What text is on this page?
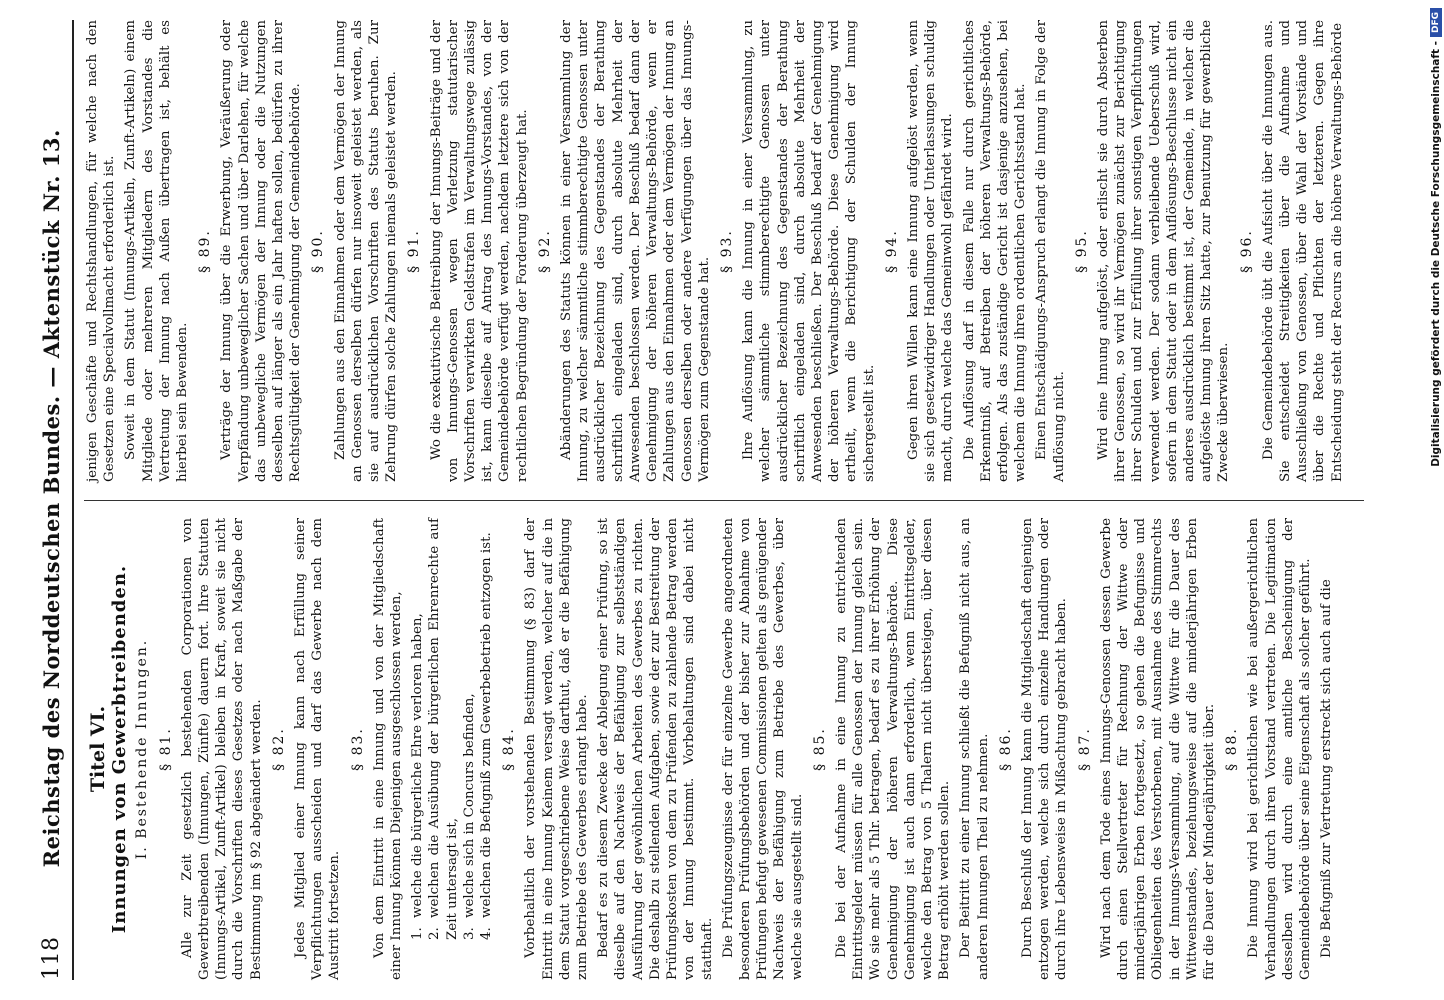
118
Reichstag des Norddeutschen Bundes. — Aktenstück Nr. 13. Titel VI. Innungen von Gewerbtreibenden. I. Bestehende Innungen. § 81. Alle zur Zeit gesetzlich bestehenden Corporationen von Gewerbtreibenden (Innungen, Zünfte) dauern fort. Ihre Statuten (Innungs-Artikel, Zunft-Artikel) bleiben in Kraft, soweit sie nicht durch die Vorschriften dieses Gesetzes oder nach Maßgabe der Bestimmung im § 92 abgeändert werden. § 82. Jedes Mitglied einer Innung kann nach Erfüllung seiner Verpflichtungen ausscheiden und darf das Gewerbe nach dem Austritt fortsetzen.

§ 83. Von dem Eintritt in eine Innung und von der Mitgliedschaft einer Innung können Diejenigen ausgeschlossen werden, 1.welche die bürgerliche Ehre verloren haben,
2.welchen die Ausübung der bürgerlichen Ehrenrechte auf Zeit untersagt ist, 3.welche sich in Concurs befinden,
4.welchen die Befugniß zum Gewerbebetrieb entzogen ist. § 84. Vorbehaltlich der vorstehenden Bestimmung (§ 83) darf der Eintritt in eine Innung Keinem versagt werden, welcher auf die in dem Statut vorgeschriebene Weise darthut, daß er die Befähigung zum Betriebe des Gewerbes erlangt habe. Bedarf es zu diesem Zwecke der Ablegung einer Prüfung, so ist dieselbe auf den Nachweis der Befähigung zur selbstständigen Ausführung der gewöhnlichen Arbeiten des Gewerbes zu richten. Die deshalb zu stellenden Aufgaben, sowie der zur Bestreitung der Prüfungskosten von dem zu Prüfenden zu zahlende Betrag werden von der Innung bestimmt. Vorbehaltungen sind dabei nicht statthaft. Die Prüfungszeugnisse der für einzelne Gewerbe angeordneten besonderen Prüfungsbehörden und der bisher zur Abnahme von Prüfungen befugt gewesenen Commissionen gelten als genügender Nachweis der Befähigung zum Betriebe des Gewerbes, über welche sie ausgestellt sind.

§ 85. Die bei der Aufnahme in eine Innung zu entrichtenden Eintrittsgelder müssen für alle Genossen der Innung gleich sein. Wo sie mehr als 5 Thlr. betragen, bedarf es zu ihrer Erhöhung der Genehmigung der höheren Verwaltungs-Behörde. Diese Genehmigung ist auch dann erforderlich, wenn Eintrittsgelder, welche den Betrag von 5 Thalern nicht übersteigen, über diesen Betrag erhöht werden sollen. Der Beitritt zu einer Innung schließt die Befugniß nicht aus, an anderen Innungen Theil zu nehmen. § 86. Durch Beschluß der Innung kann die Mitgliedschaft denjenigen entzogen werden, welche sich durch einzelne Handlungen oder durch ihre Lebensweise in Mißachtung gebracht haben. § 87. Wird nach dem Tode eines Innungs-Genossen dessen Gewerbe durch einen Stellvertreter für Rechnung der Wittwe oder minderjährigen Erben fortgesetzt, so gehen die Befugnisse und Obliegenheiten des Verstorbenen, mit Ausnahme des Stimmrechts in der Innungs-Versammlung, auf die Wittwe für die Dauer des Wittwenstandes, beziehungsweise auf die minderjährigen Erben für die Dauer der Minderjährigkeit über. § 88. Die Innung wird bei gerichtlichen wie bei außergerichtlichen Verhandlungen durch ihren Vorstand vertreten. Die Legitimation desselben wird durch eine amtliche Bescheinigung der Gemeindebehörde über seine Eigenschaft als solcher geführt. Die Befugniß zur Vertretung erstreckt sich auch auf die

jenigen Geschäfte und Rechtshandlungen, für welche nach den Gesetzen eine Specialvollmacht erforderlich ist. Soweit in dem Statut (Innungs-Artikeln, Zunft-Artikeln) einem Mitgliede oder mehreren Mitgliedern des Vorstandes die Vertretung der Innung nach Außen übertragen ist, behält es hierbei sein Bewenden.

§ 89. Verträge der Innung über die Erwerbung, Veräußerung oder Verpfändung unbeweglicher Sachen und über Darlehen, für welche das unbewegliche Vermögen der Innung oder die Nutzungen desselben auf länger als ein Jahr haften sollen, bedürfen zu ihrer Rechtsgültigkeit der Genehmigung der Gemeindebehörde. § 90. Zahlungen aus den Einnahmen oder dem Vermögen der Innung an Genossen derselben dürfen nur insoweit geleistet werden, als sie auf ausdrücklichen Vorschriften des Statuts beruhen. Zur Zehrung dürfen solche Zahlungen niemals geleistet werden. § 91. Wo die exekutivische Beitreibung der Innungs-Beiträge und der von Innungs-Genossen wegen Verletzung statutarischer Vorschriften verwirkten Geldstrafen im Verwaltungswege zulässig ist, kann dieselbe auf Antrag des Innungs-Vorstandes, von der Gemeindebehörde verfügt werden, nachdem letztere sich von der rechtlichen Begründung der Forderung überzeugt hat. § 92. Abänderungen des Statuts können in einer Versammlung der Innung, zu welcher sämmtliche stimmberechtigte Genossen unter ausdrücklicher Bezeichnung des Gegenstandes der Berathung schriftlich eingeladen sind, durch absolute Mehrheit der Anwesenden beschlossen werden. Der Beschluß bedarf dann der Genehmigung der höheren Verwaltungs-Behörde, wenn er Zahlungen aus den Einnahmen oder dem Vermögen der Innung an Genossen derselben oder andere Verfügungen über das Innungs-Vermögen zum Gegenstande hat.

§ 93. Ihre Auflösung kann die Innung in einer Versammlung, zu welcher sämmtliche stimmberechtigte Genossen unter ausdrücklicher Bezeichnung des Gegenstandes der Berathung schriftlich eingeladen sind, durch absolute Mehrheit der Anwesenden beschließen. Der Beschluß bedarf der Genehmigung der höheren Verwaltungs-Behörde. Diese Genehmigung wird ertheilt, wenn die Berichtigung der Schulden der Innung sichergestellt ist.

§ 94. Gegen ihren Willen kann eine Innung aufgelöst werden, wenn sie sich gesetzwidriger Handlungen oder Unterlassungen schuldig macht, durch welche das Gemeinwohl gefährdet wird. Die Auflösung darf in diesem Falle nur durch gerichtliches Erkenntniß, auf Betreiben der höheren Verwaltungs-Behörde, erfolgen. Als das zuständige Gericht ist dasjenige anzusehen, bei welchem die Innung ihren ordentlichen Gerichtsstand hat. Einen Entschädigungs-Anspruch erlangt die Innung in Folge der Auflösung nicht.

§ 95. Wird eine Innung aufgelöst, oder erlischt sie durch Absterben ihrer Genossen, so wird ihr Vermögen zunächst zur Berichtigung ihrer Schulden und zur Erfüllung ihrer sonstigen Verpflichtungen verwendet werden. Der sodann verbleibende Ueberschuß wird, sofern in dem Statut oder in dem Auflösungs-Beschlusse nicht ein anderes ausdrücklich bestimmt ist, der Gemeinde, in welcher die aufgelöste Innung ihren Sitz hatte, zur Benutzung für gewerbliche Zwecke überwiesen.

§ 96. Die Gemeindebehörde übt die Aufsicht über die Innungen aus. Sie entscheidet Streitigkeiten über die Aufnahme und Ausschließung von Genossen, über die Wahl der Vorstände und über die Rechte und Pflichten der letzteren. Gegen ihre Entscheidung steht der Recurs an die höhere Verwaltungs-Behörde	Digitalisierung gefördert durch die Deutsche Forschungsgemeinschaft -
DFG
